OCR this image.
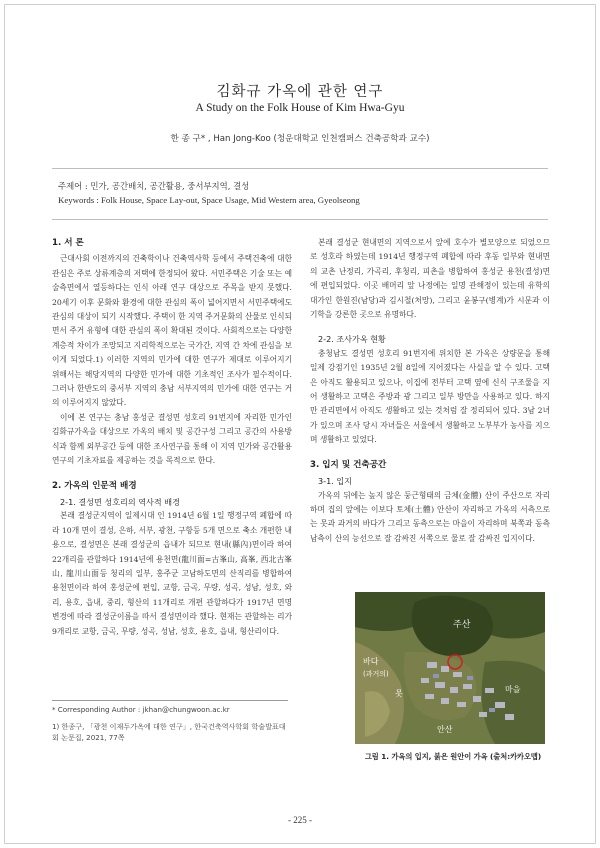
김화규 가옥에 관한 연구
A Study on the Folk House of Kim Hwa-Gyu
한 종 구* , Han Jong-Koo (청운대학교 인천캠퍼스 건축공학과 교수)
주제어 : 민가, 공간배치, 공간활용, 중서부지역, 결성
Keywords : Folk House, Space Lay-out, Space Usage, Mid Western area, Gyeolseong
1. 서 론

근대사회 이전까지의 건축학이나 건축역사학 등에서 주택건축에 대한 관심은 주로 상류계층의 저택에 한정되어 왔다. 서민주택은 기술 또는 예술측면에서 열등하다는 인식 아래 연구 대상으로 주목을 받지 못했다. 20세기 이후 문화와 환경에 대한 관심의 폭이 넓어지면서 서민주택에도 관심의 대상이 되기 시작했다. 주택이 한 지역 주거문화의 산물로 인식되면서 주거 유형에 대한 관심의 폭이 확대된 것이다. 사회적으로는 다양한 계층적 차이가 조망되고 지리학적으로는 국가간, 지역 간 차에 관심을 보이게 되었다.1) 이러한 지역의 민가에 대한 연구가 제대로 이루어지기 위해서는 해당지역의 다양한 민가에 대한 기초적인 조사가 필수적이다. 그러나 한반도의 중서부 지역의 충남 서부지역의 민가에 대한 연구는 거의 이루어지지 않았다.

이에 본 연구는 충남 홍성군 결성면 성호리 91번지에 자리한 민가인 김화규가옥을 대상으로 가옥의 배치 및 공간구성 그리고 공간의 사용방식과 함께 외부공간 등에 대한 조사연구를 통해 이 지역 민가와 공간활용 연구의 기초자료를 제공하는 것을 목적으로 한다.

2. 가옥의 인문적 배경
2-1. 결성면 성호리의 역사적 배경

본래 결성군지역이 일제시대 인 1914년 6월 1일 행정구역 폐합에 따라 10개 면이 결성, 은하, 서부, 광천, 구항등 5개 면으로 축소 개편한 내용으로, 결성면은 본래 결성군의 읍내가 되므로 현내(縣內)면이라 하여 22개리를 관할하다 1914년에 용천면(龍川面=古峯山, 高峯, 西北古峯山, 龍川山面등 청리의 일부, 홍주군 고남하도면의 산직리를 병합하여 용천면이라 하여 홍성군에 편입, 교항, 금곡, 무량, 성곡, 성남, 성호, 와리, 용호, 읍내, 중리, 형산의 11개리로 개편 관할하다가 1917년 면명 변경에 따라 결성군이름을 따서 결성면이라 했다. 현재는 관할하는 리가 9개리로 교항, 금곡, 무량, 성곡, 성남, 성호, 용호, 읍내, 형산리이다.

* Corresponding Author : jkhan@chungwoon.ac.kr
1) 한종구, 「광천 이재두가옥에 대한 연구」, 한국건축역사학회 학술발표대회 논문집, 2021, 77쪽

본래 결성군 현내면의 지역으로서 앞에 호수가 별모양으로 되었으므로 성호라 하였는데 1914년 행정구역 폐합에 따라 후동 일부와 현내면의 교촌 난정리, 가곡리, 후청리, 피촌을 병합하여 홍성군 용천(결성)면에 편입되었다. 이곳 배머리 앞 나정에는 일명 관해정이 있는데 유학의 대가인 한원진(남당)과 김시철(처망), 그리고 윤봉구(병계)가 시문과 이기학을 강론한 곳으로 유명하다.

2-2. 조사가옥 현황

충청남도 결성면 성호리 91번지에 위치한 본 가옥은 상량문을 통해 일제 강점기인 1935년 2월 8일에 지어졌다는 사실을 알 수 있다. 고택은 아직도 활용되고 있으나, 이집에 전부터 고택 옆에 신식 구조물을 지어 생활하고 고택은 주방과 광 그리고 일부 방만을 사용하고 있다. 하지만 관리면에서 아직도 생활하고 있는 것처럼 잘 정리되어 있다. 3남 2녀가 있으며 조사 당시 자녀들은 서울에서 생활하고 노부부가 농사를 지으며 생활하고 있었다.

3. 입지 및 건축공간
3-1. 입지

가옥의 뒤에는 높지 않은 둥근형태의 금체(金體) 산이 주산으로 자리하며 집의 앞에는 이보다 토체(土體) 안산이 자리하고 가옥의 서측으로는 못과 과거의 바다가 그리고 동측으로는 마을이 자리하며 북쪽과 동측 남측이 산의 능선으로 잘 감싸진 서쪽으로 물로 잘 감싸진 입지이다.

주산
바다
(과거의)
못	마을
안산
그림 1. 가옥의 입지, 붉은 원안이 가옥 (출처:카카오맵)
- 225 -
